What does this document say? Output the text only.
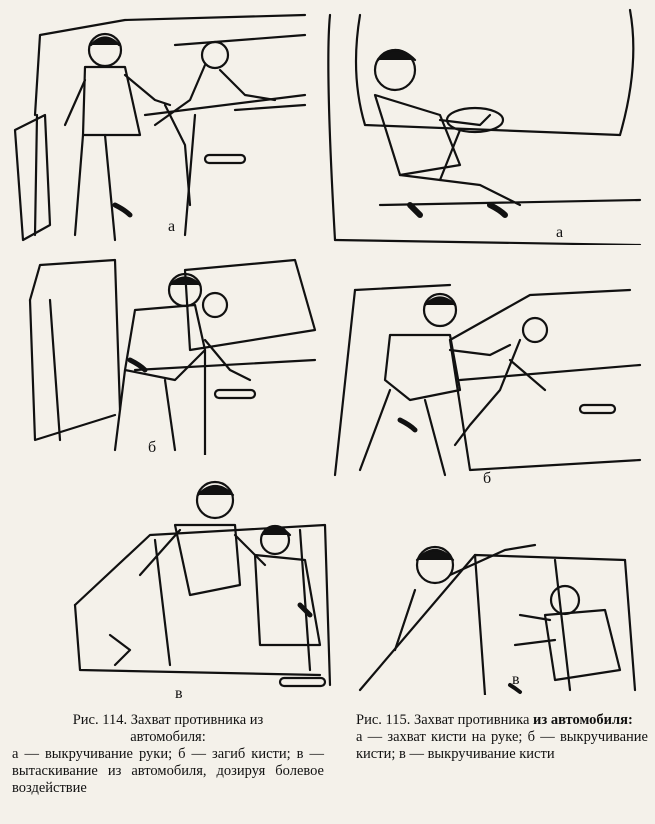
а	а
б
б
в
в
Рис. 114. Захват противника из автомобиля:
а — выкручивание руки; б — загиб кисти; в — вытаскивание из автомобиля, дозируя болевое воздействие
Рис. 115. Захват противника из автомобиля:
а — захват кисти на руке; б — выкручивание кисти; в — выкручивание кисти
